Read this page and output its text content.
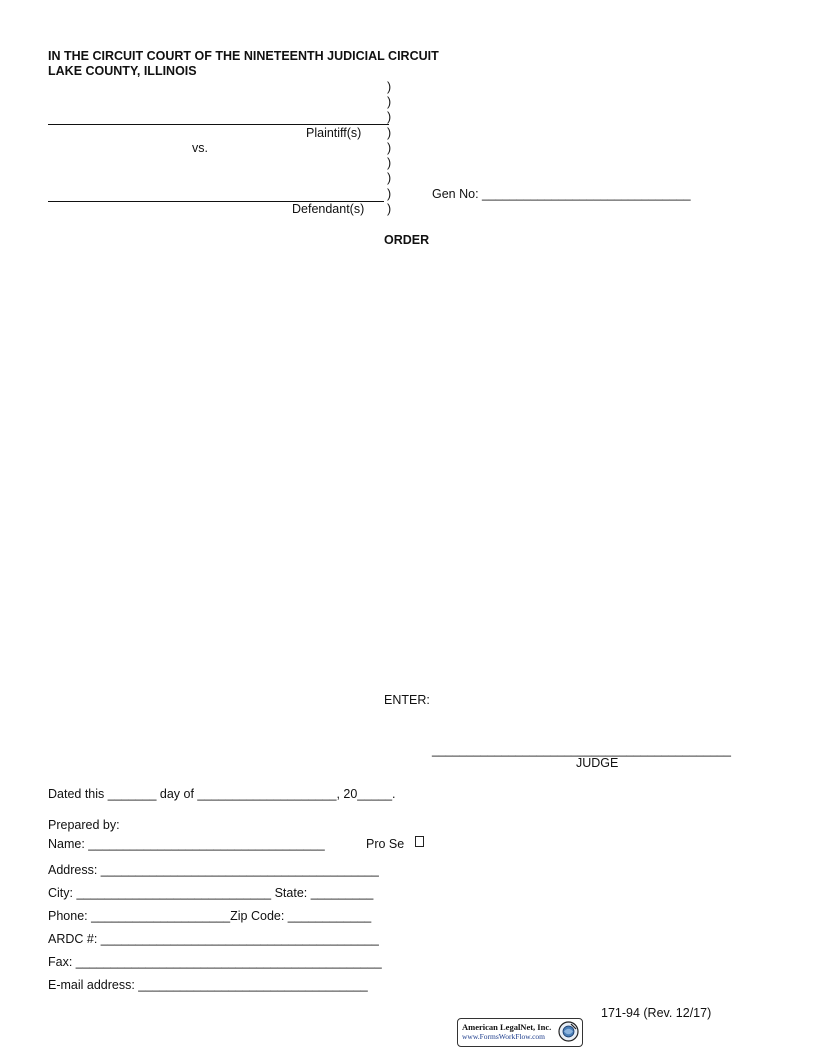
IN THE CIRCUIT COURT OF THE NINETEENTH JUDICIAL CIRCUIT
LAKE COUNTY, ILLINOIS
)
)
)
)
)
)
)
)
)
Plaintiff(s)
vs.
Defendant(s)
Gen No: ______________________________
ORDER
ENTER:
___________________________________________
JUDGE
Dated this _______ day of ____________________, 20_____.
Prepared by:
Name: __________________________________	Pro Se
Address: ________________________________________
City: ____________________________ State: _________
Phone: ____________________Zip Code: ____________
ARDC #: ________________________________________
Fax: ____________________________________________
E-mail address: _________________________________
171-94 (Rev. 12/17)
American LegalNet, Inc.
www.FormsWorkFlow.com
